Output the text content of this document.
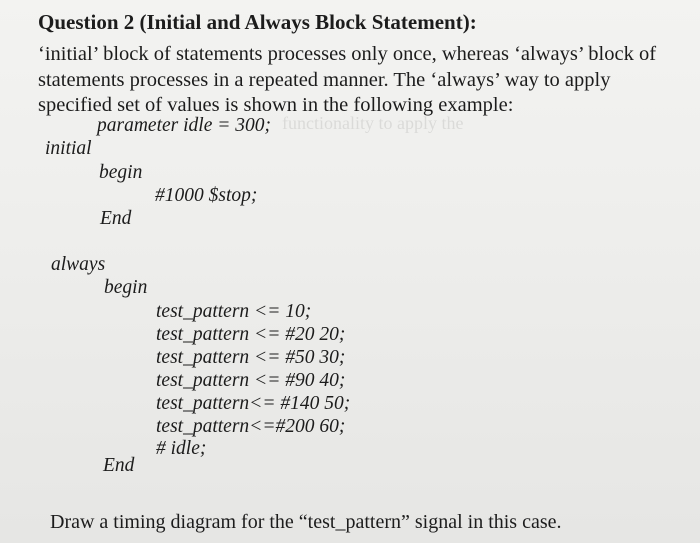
Question 2 (Initial and Always Block Statement):
‘initial’ block of statements processes only once, whereas ‘always’ block of
statements processes in a repeated manner. The ‘always’ way to apply
specified set of values is shown in the following example:
functionality to apply the
parameter idle = 300;
initial
begin
#1000 $stop;
End
always
begin
test_pattern <= 10;
test_pattern <= #20 20;
test_pattern <= #50 30;
test_pattern <= #90 40;
test_pattern<= #140 50;
test_pattern<=#200 60;
# idle;
End
Draw a timing diagram for the “test_pattern” signal in this case.
